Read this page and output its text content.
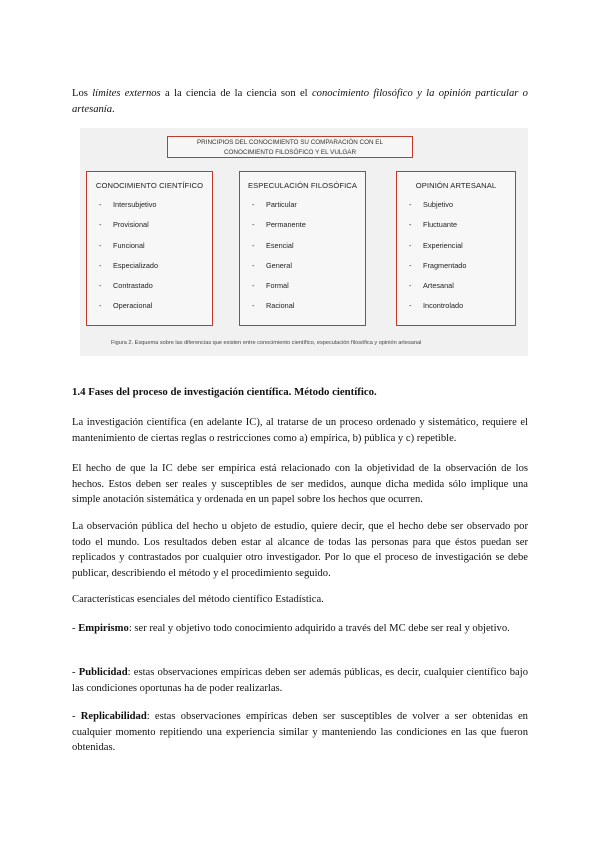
Los límites externos a la ciencia de la ciencia son el conocimiento filosófico y la opinión particular o artesanía.

PRINCIPIOS DEL CONOCIMIENTO SU COMPARACIÓN CON EL
CONOCIMIENTO FILOSÓFICO Y EL VULGAR
CONOCIMIENTO CIENTÍFICO
- Intersubjetivo
- Provisional
- Funcional
- Especializado
- Contrastado
- Operacional
ESPECULACIÓN FILOSÓFICA
- Particular
- Permanente
- Esencial
- General
- Formal
- Racional
OPINIÓN ARTESANAL
- Subjetivo
- Fluctuante
- Experiencial
- Fragmentado
- Artesanal
- Incontrolado
Figura 2. Esquema sobre las diferencias que existen entre conocimiento científico, especulación filosófica y opinión artesanal
1.4 Fases del proceso de investigación científica. Método científico.

La investigación científica (en adelante IC), al tratarse de un proceso ordenado y sistemático, requiere el mantenimiento de ciertas reglas o restricciones como a) empírica, b) pública y c) repetible.

El hecho de que la IC debe ser empírica está relacionado con la objetividad de la observación de los hechos. Estos deben ser reales y susceptibles de ser medidos, aunque dicha medida sólo implique una simple anotación sistemática y ordenada en un papel sobre los hechos que ocurren.

La observación pública del hecho u objeto de estudio, quiere decir, que el hecho debe ser observado por todo el mundo. Los resultados deben estar al alcance de todas las personas para que éstos puedan ser replicados y contrastados por cualquier otro investigador. Por lo que el proceso de investigación se debe publicar, describiendo el método y el procedimiento seguido.

Características esenciales del método científico Estadística.

- Empirismo: ser real y objetivo todo conocimiento adquirido a través del MC debe ser real y objetivo.

- Publicidad: estas observaciones empíricas deben ser además públicas, es decir, cualquier científico bajo las condiciones oportunas ha de poder realizarlas.

- Replicabilidad: estas observaciones empíricas deben ser susceptibles de volver a ser obtenidas en cualquier momento repitiendo una experiencia similar y manteniendo las condiciones en las que fueron obtenidas.
